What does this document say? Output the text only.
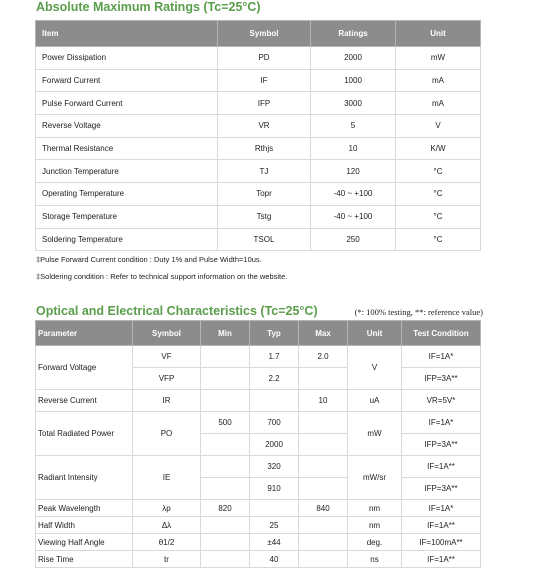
Absolute Maximum Ratings (Tc=25°C)
Item	Symbol	Ratings	Unit
Power Dissipation	PD	2000	mW
Forward Current	IF	1000	mA
Pulse Forward Current	IFP	3000	mA
Reverse Voltage	VR	5	V
Thermal Resistance	Rthjs	10	K/W
Junction Temperature	TJ	120	°C
Operating Temperature	Topr	-40 ~ +100	°C
Storage Temperature	Tstg	-40 ~ +100	°C
Soldering Temperature	TSOL	250	°C
‡Pulse Forward Current condition : Duty 1% and Pulse Width=10us.
‡Soldering condition : Refer to technical support information on the website.
Optical and Electrical Characteristics (Tc=25°C)	(*: 100% testing, **: reference value)
Parameter	Symbol	Min	Typ	Max	Unit	Test Condition
Forward Voltage	VF		1.7	2.0	V	IF=1A*
	VFP		2.2			IFP=3A**
Reverse Current	IR			10	uA	VR=5V*
Total Radiated Power	PO	500	700		mW	IF=1A*
			2000			IFP=3A**
Radiant Intensity	IE		320		mW/sr	IF=1A**
			910			IFP=3A**
Peak Wavelength	λp	820		840	nm	IF=1A*
Half Width	Δλ		25		nm	IF=1A**
Viewing Half Angle	θ1/2		±44		deg.	IF=100mA**
Rise Time	tr		40		ns	IF=1A**
